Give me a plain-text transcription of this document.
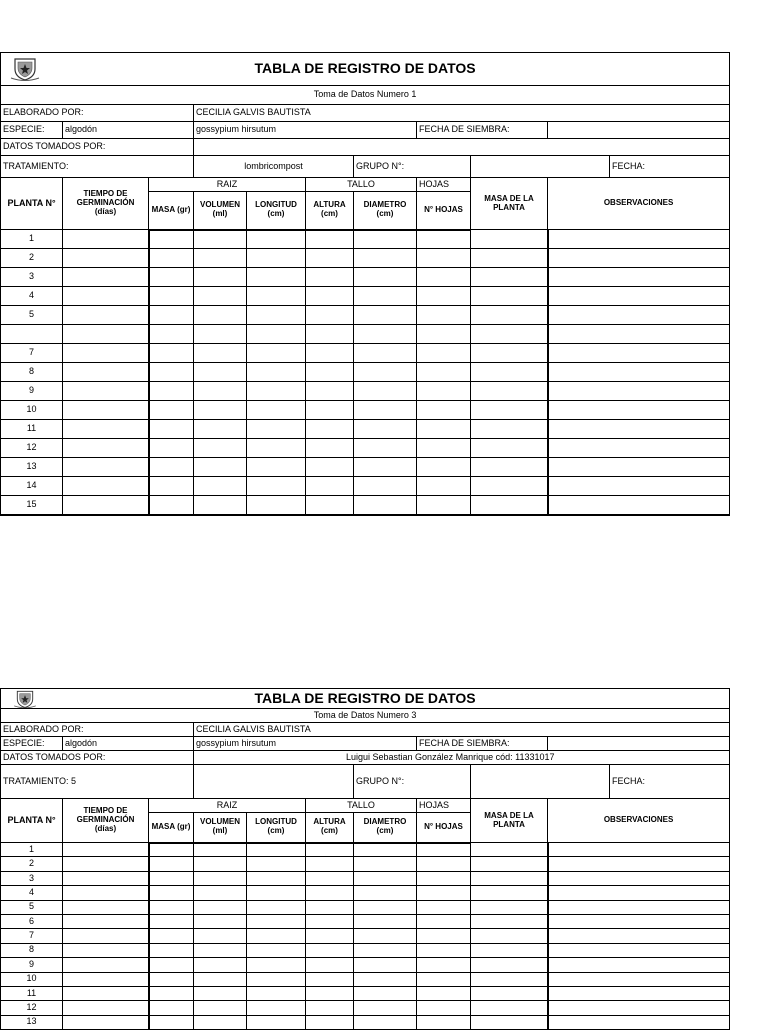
TABLA DE REGISTRO DE DATOS										
Toma de Datos Numero 1										
ELABORADO POR:			CECILIA GALVIS BAUTISTA							
ESPECIE:	algodón		gossypium hirsutum				FECHA DE SIEMBRA:			
DATOS TOMADOS POR:										
TRATAMIENTO:			lombricompost			GRUPO N°:				FECHA:
PLANTA N°	TIEMPO DE GERMINACIÓN (días)	RAIZ			TALLO		HOJAS	MASA DE LA PLANTA	OBSERVACIONES	
		MASA (gr)	VOLUMEN (ml)	LONGITUD (cm)	ALTURA (cm)	DIAMETRO (cm)	N° HOJAS			
1										
2										
3										
4										
5										

7										
8										
9										
10										
11										
12										
13										
14										
15										
TABLA DE REGISTRO DE DATOS										
Toma de Datos Numero 3										
ELABORADO POR:			CECILIA GALVIS BAUTISTA							
ESPECIE:	algodón		gossypium hirsutum				FECHA DE SIEMBRA:			
DATOS TOMADOS POR:			Luigui Sebastian González Manrique cód: 11331017							
TRATAMIENTO: 5						GRUPO N°:				FECHA:
PLANTA N°	TIEMPO DE GERMINACIÓN (días)	RAIZ			TALLO		HOJAS	MASA DE LA PLANTA	OBSERVACIONES	
		MASA (gr)	VOLUMEN (ml)	LONGITUD (cm)	ALTURA (cm)	DIAMETRO (cm)	N° HOJAS			
1										
2										
3										
4										
5										
6										
7										
8										
9										
10										
11										
12										
13										
